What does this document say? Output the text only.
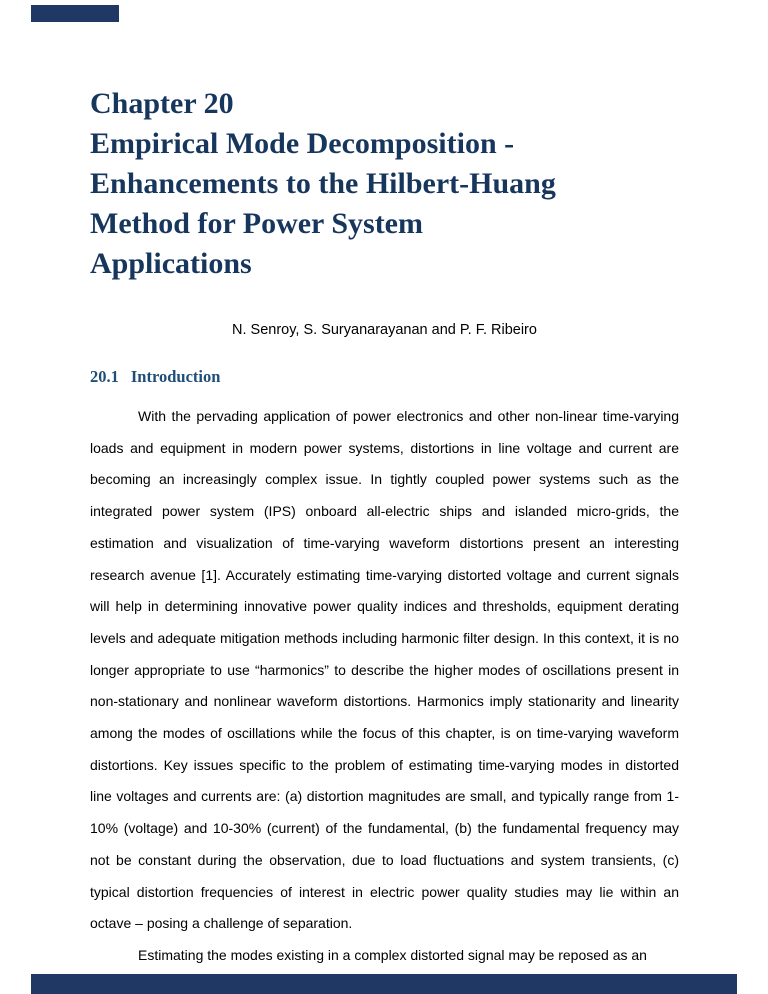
Chapter 20
Empirical Mode Decomposition -
Enhancements to the Hilbert-Huang
Method for Power System
Applications
N. Senroy, S. Suryanarayanan and P. F. Ribeiro
20.1 Introduction
With the pervading application of power electronics and other non-linear time-varying loads and equipment in modern power systems, distortions in line voltage and current are becoming an increasingly complex issue. In tightly coupled power systems such as the integrated power system (IPS) onboard all-electric ships and islanded micro-grids, the estimation and visualization of time-varying waveform distortions present an interesting research avenue [1]. Accurately estimating time-varying distorted voltage and current signals will help in determining innovative power quality indices and thresholds, equipment derating levels and adequate mitigation methods including harmonic filter design. In this context, it is no longer appropriate to use “harmonics” to describe the higher modes of oscillations present in non-stationary and nonlinear waveform distortions. Harmonics imply stationarity and linearity among the modes of oscillations while the focus of this chapter, is on time-varying waveform distortions. Key issues specific to the problem of estimating time-varying modes in distorted line voltages and currents are: (a) distortion magnitudes are small, and typically range from 1-10% (voltage) and 10-30% (current) of the fundamental, (b) the fundamental frequency may not be constant during the observation, due to load fluctuations and system transients, (c) typical distortion frequencies of interest in electric power quality studies may lie within an octave – posing a challenge of separation.
Estimating the modes existing in a complex distorted signal may be reposed as an
